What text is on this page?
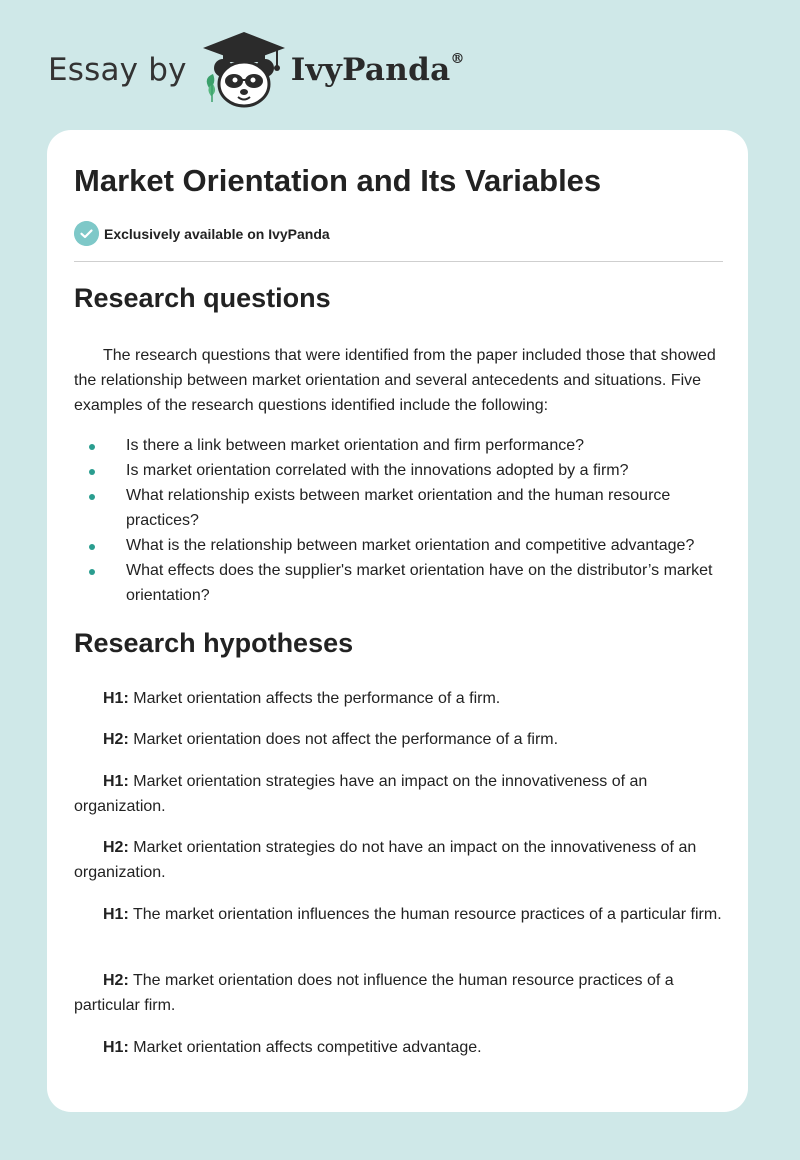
Essay by	IvyPanda®
Market Orientation and Its Variables
Exclusively available on IvyPanda
Research questions

The research questions that were identified from the paper included those that showed the relationship between market orientation and several antecedents and situations. Five examples of the research questions identified include the following:

Is there a link between market orientation and firm performance?
Is market orientation correlated with the innovations adopted by a firm?
What relationship exists between market orientation and the human resource practices?
What is the relationship between market orientation and competitive advantage?
What effects does the supplier's market orientation have on the distributor’s market orientation?
Research hypotheses

H1: Market orientation affects the performance of a firm.

H2: Market orientation does not affect the performance of a firm.

H1: Market orientation strategies have an impact on the innovativeness of an organization.

H2: Market orientation strategies do not have an impact on the innovativeness of an organization.

H1: The market orientation influences the human resource practices of a particular firm.

H2: The market orientation does not influence the human resource practices of a particular firm.

H1: Market orientation affects competitive advantage.
